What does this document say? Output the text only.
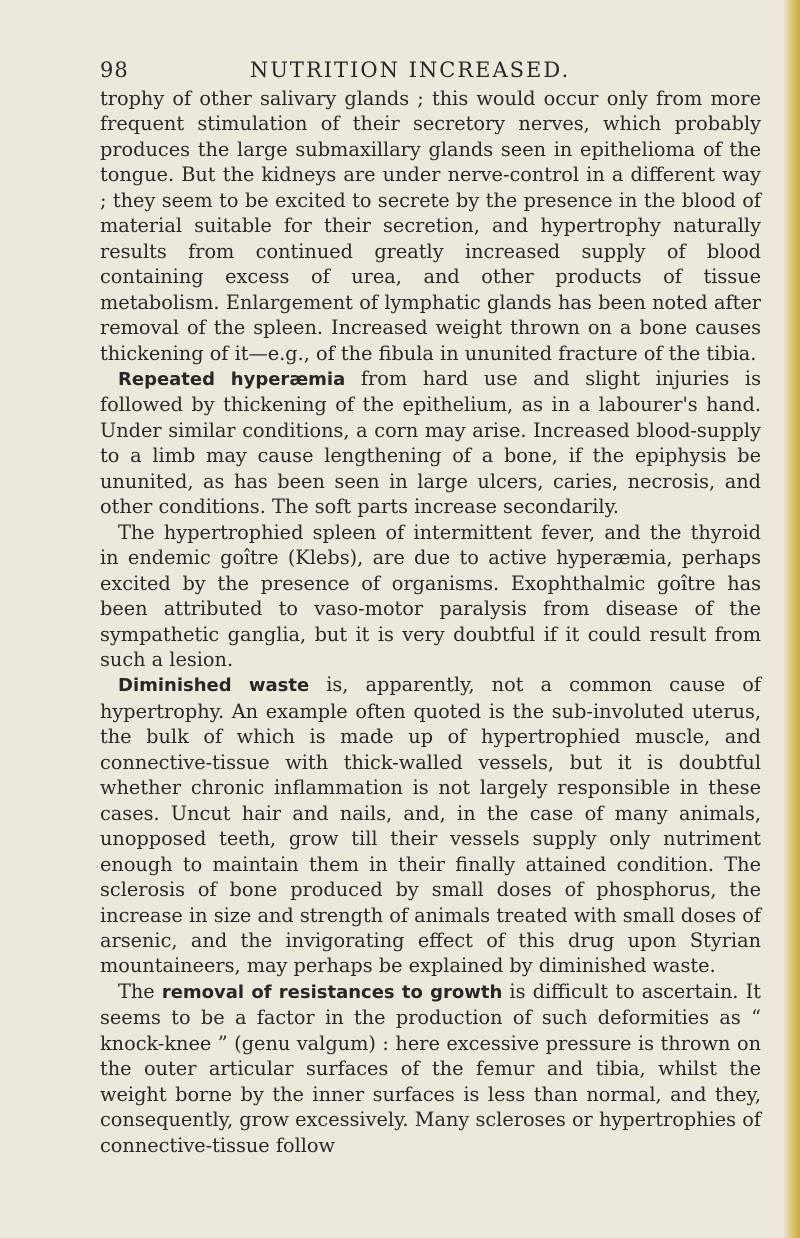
98	NUTRITION INCREASED.

trophy of other salivary glands ; this would occur only from more frequent stimulation of their secretory nerves, which probably produces the large submaxillary glands seen in epithelioma of the tongue. But the kidneys are under nerve-control in a different way ; they seem to be excited to secrete by the presence in the blood of material suitable for their secretion, and hypertrophy naturally results from continued greatly increased supply of blood containing excess of urea, and other products of tissue metabolism. Enlargement of lymphatic glands has been noted after removal of the spleen. Increased weight thrown on a bone causes thickening of it—e.g., of the fibula in ununited fracture of the tibia.

Repeated hyperæmia from hard use and slight injuries is followed by thickening of the epithelium, as in a labourer's hand. Under similar conditions, a corn may arise. Increased blood-supply to a limb may cause lengthening of a bone, if the epiphysis be ununited, as has been seen in large ulcers, caries, necrosis, and other conditions. The soft parts increase secondarily.

The hypertrophied spleen of intermittent fever, and the thyroid in endemic goître (Klebs), are due to active hyperæmia, perhaps excited by the presence of organisms. Exophthalmic goître has been attributed to vaso-motor paralysis from disease of the sympathetic ganglia, but it is very doubtful if it could result from such a lesion.

Diminished waste is, apparently, not a common cause of hypertrophy. An example often quoted is the sub-involuted uterus, the bulk of which is made up of hypertrophied muscle, and connective-tissue with thick-walled vessels, but it is doubtful whether chronic inflammation is not largely responsible in these cases. Uncut hair and nails, and, in the case of many animals, unopposed teeth, grow till their vessels supply only nutriment enough to maintain them in their finally attained condition. The sclerosis of bone produced by small doses of phosphorus, the increase in size and strength of animals treated with small doses of arsenic, and the invigorating effect of this drug upon Styrian mountaineers, may perhaps be explained by diminished waste.

The removal of resistances to growth is difficult to ascertain. It seems to be a factor in the production of such deformities as “ knock-knee ” (genu valgum) : here excessive pressure is thrown on the outer articular surfaces of the femur and tibia, whilst the weight borne by the inner surfaces is less than normal, and they, consequently, grow excessively. Many scleroses or hypertrophies of connective-tissue follow
